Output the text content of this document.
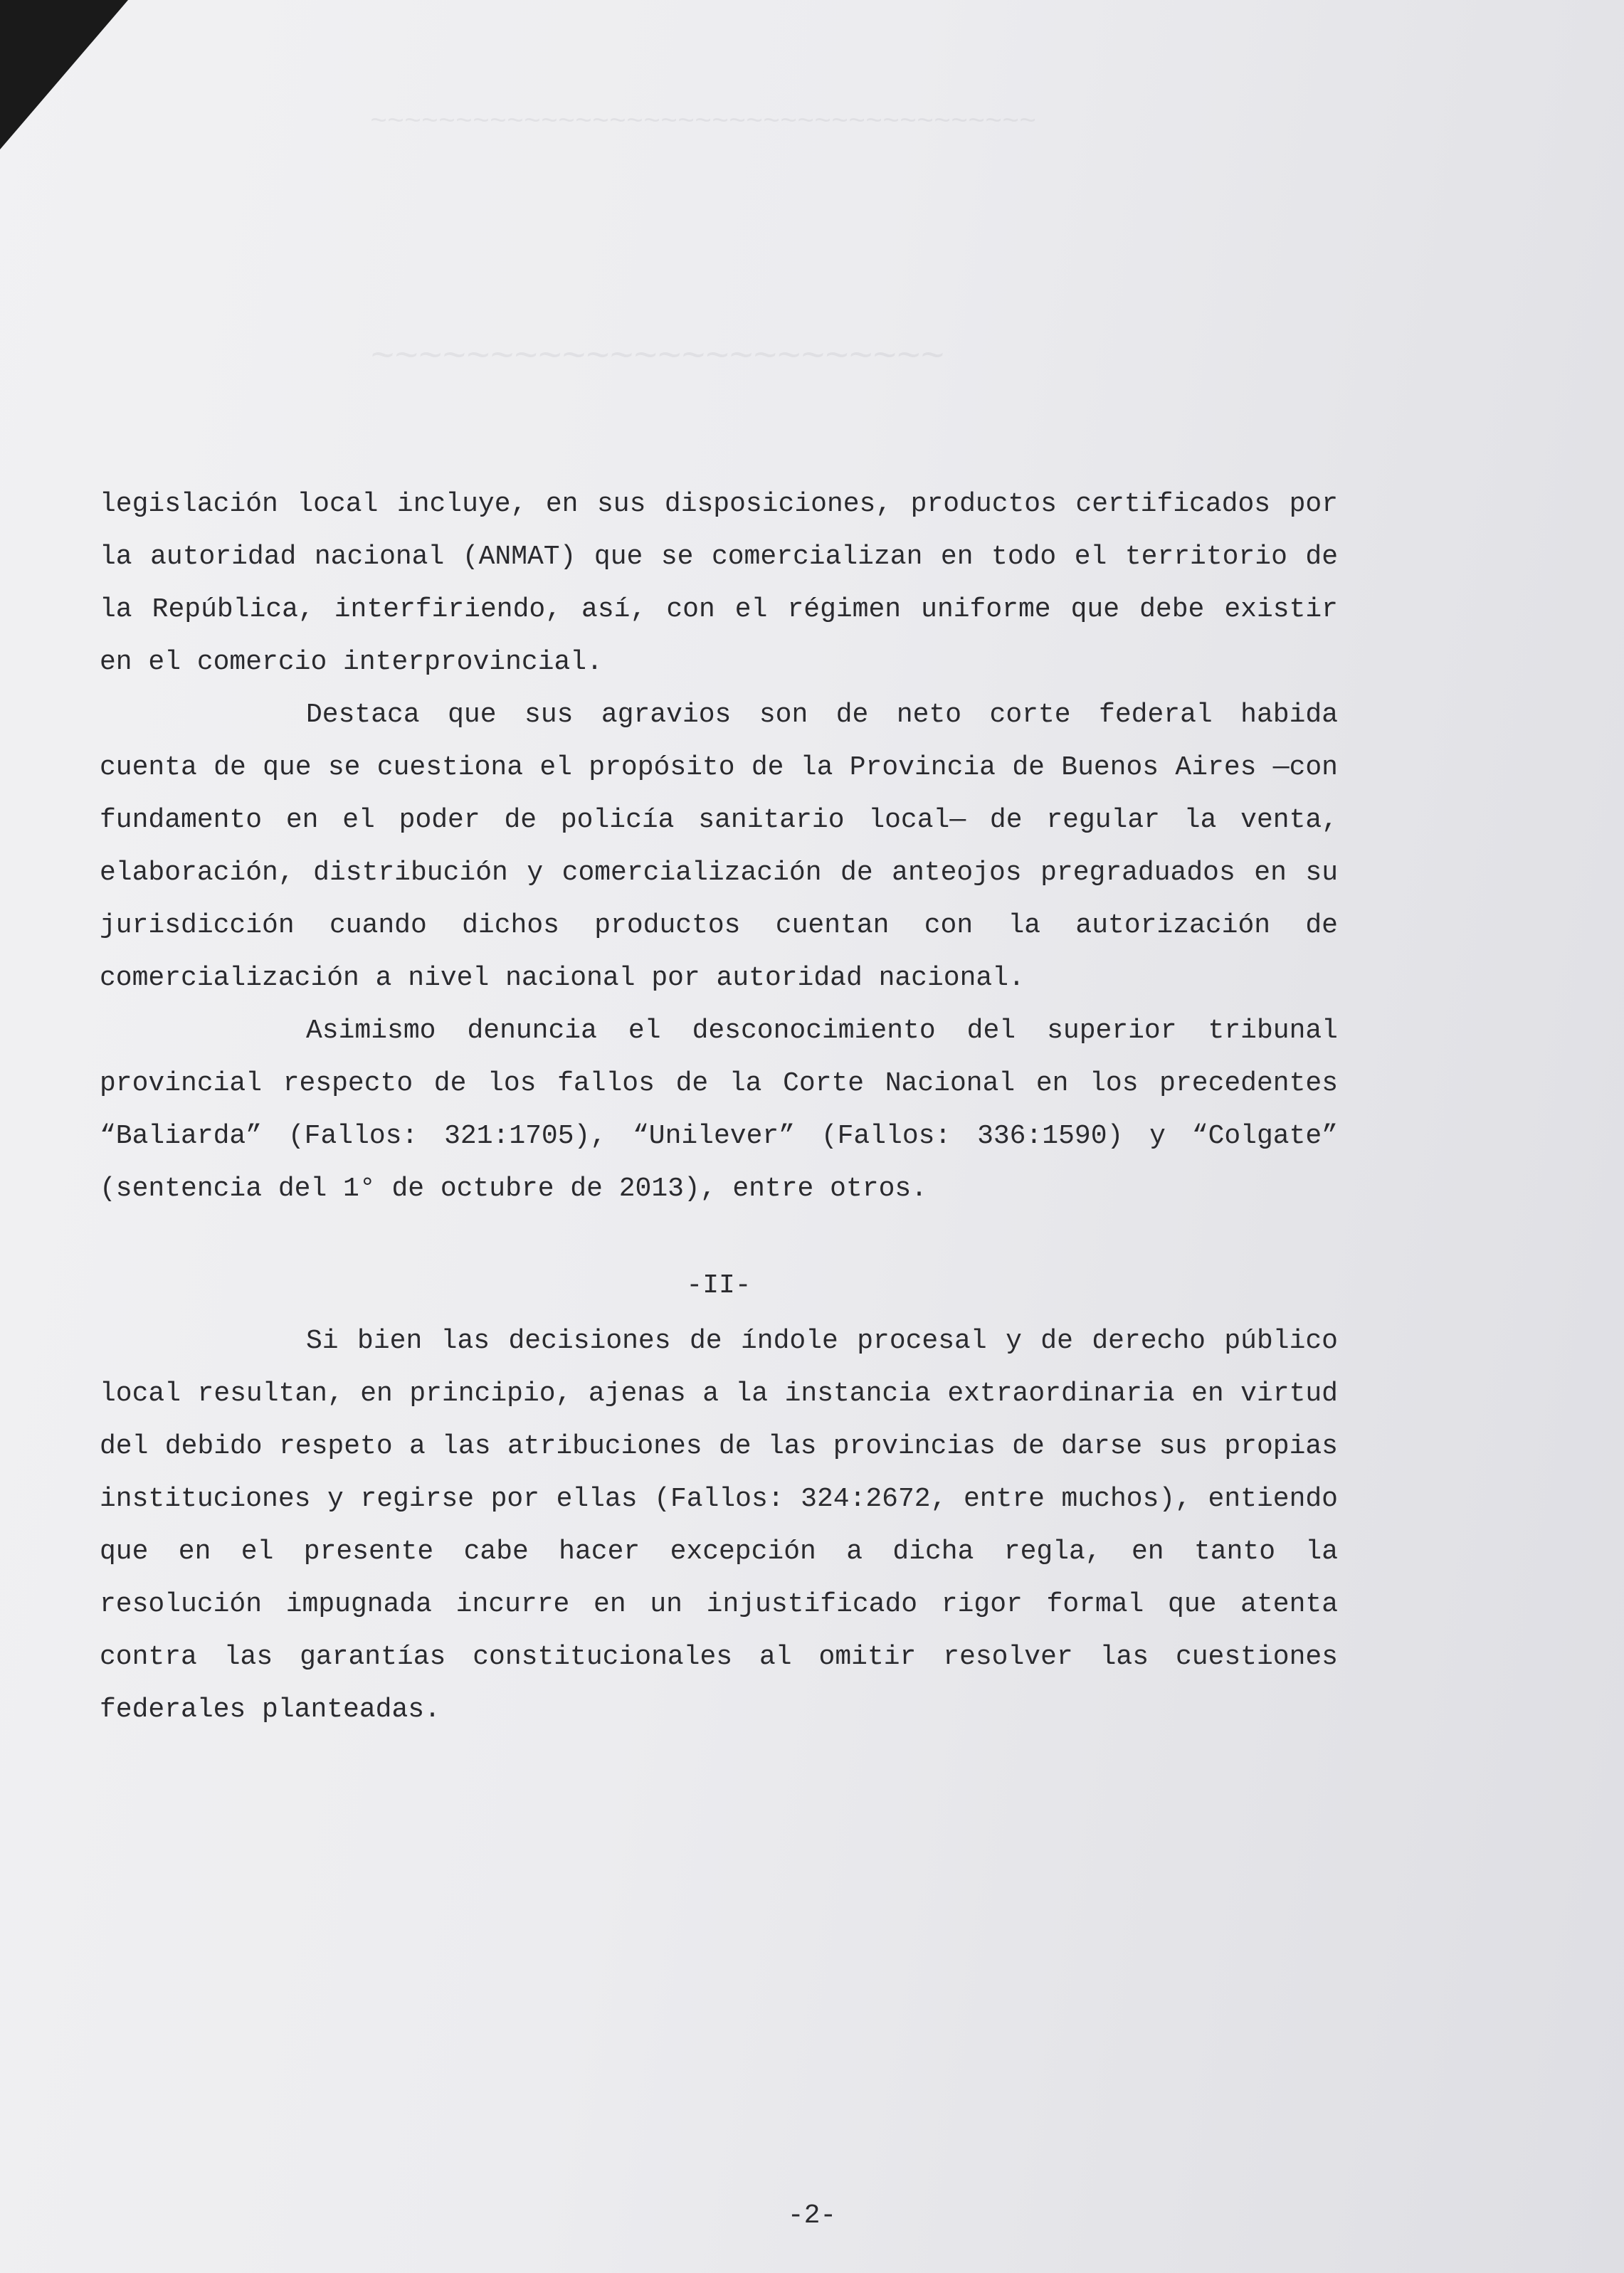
~~~~~~~~~~~~~~~~~~~~~~~~~~~~~~~~~~~~~~~
~~~~~~~~~~~~~~~~~~~~~~~~

legislación local incluye, en sus disposiciones, productos certificados por la autoridad nacional (ANMAT) que se comercializan en todo el territorio de la República, interfiriendo, así, con el régimen uniforme que debe existir en el comercio interprovincial.

Destaca que sus agravios son de neto corte federal habida cuenta de que se cuestiona el propósito de la Provincia de Buenos Aires —con fundamento en el poder de policía sanitario local— de regular la venta, elaboración, distribución y comercialización de anteojos pregraduados en su jurisdicción cuando dichos productos cuentan con la autorización de comercialización a nivel nacional por autoridad nacional.

Asimismo denuncia el desconocimiento del superior tribunal provincial respecto de los fallos de la Corte Nacional en los precedentes “Baliarda” (Fallos: 321:1705), “Unilever” (Fallos: 336:1590) y “Colgate” (sentencia del 1° de octubre de 2013), entre otros.

-II-

Si bien las decisiones de índole procesal y de derecho público local resultan, en principio, ajenas a la instancia extraordinaria en virtud del debido respeto a las atribuciones de las provincias de darse sus propias instituciones y regirse por ellas (Fallos: 324:2672, entre muchos), entiendo que en el presente cabe hacer excepción a dicha regla, en tanto la resolución impugnada incurre en un injustificado rigor formal que atenta contra las garantías constitucionales al omitir resolver las cuestiones federales planteadas.

-2-
